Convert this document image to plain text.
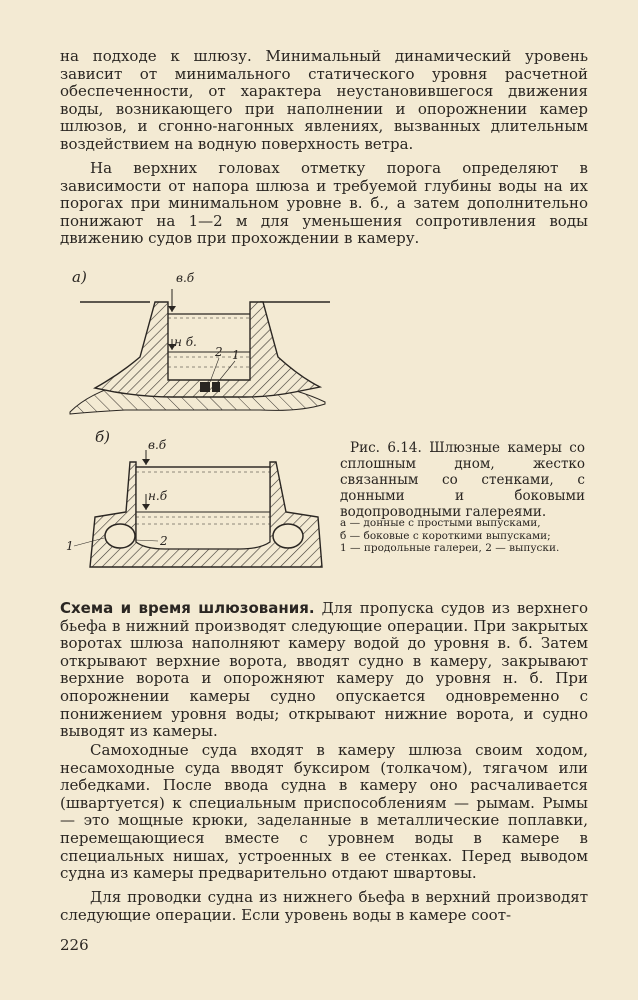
на подходе к шлюзу. Минимальный динамический уровень зависит от минимального статического уровня расчетной обеспеченности, от характера неустановившегося движения воды, возникающего при наполнении и опорожнении камер шлюзов, и сгонно-нагонных явлениях, вызванных длительным воздействием на водную поверхность ветра.

На верхних головах отметку порога определяют в зависимости от напора шлюза и требуемой глубины воды на их порогах при минимальном уровне в. б., а затем дополнительно понижают на 1—2 м для уменьшения сопротивления воды движению судов при прохождении в камеру.

а)	в.б
н б.
2 1
б)	в.б
н.б
1	2

Рис. 6.14. Шлюзные камеры со сплошным дном, жестко связанным со стенками, с донными и боковыми водопроводными галереями.

а — донные с простыми выпусками,
б — боковые с короткими выпусками;
1 — продольные галереи, 2 — выпуски.

Схема и время шлюзования. Для пропуска судов из верхнего бьефа в нижний производят следующие операции. При закрытых воротах шлюза наполняют камеру водой до уровня в. б. Затем открывают верхние ворота, вводят судно в камеру, закрывают верхние ворота и опорожняют камеру до уровня н. б. При опорожнении камеры судно опускается одновременно с понижением уровня воды; открывают нижние ворота, и судно выводят из камеры.

Самоходные суда входят в камеру шлюза своим ходом, несамоходные суда вводят буксиром (толкачом), тягачом или лебедками. После ввода судна в камеру оно расчаливается (швартуется) к специальным приспособлениям — рымам. Рымы — это мощные крюки, заделанные в металлические поплавки, перемещающиеся вместе с уровнем воды в камере в специальных нишах, устроенных в ее стенках. Перед выводом судна из камеры предварительно отдают швартовы.

Для проводки судна из нижнего бьефа в верхний производят следующие операции. Если уровень воды в камере соот-

226
